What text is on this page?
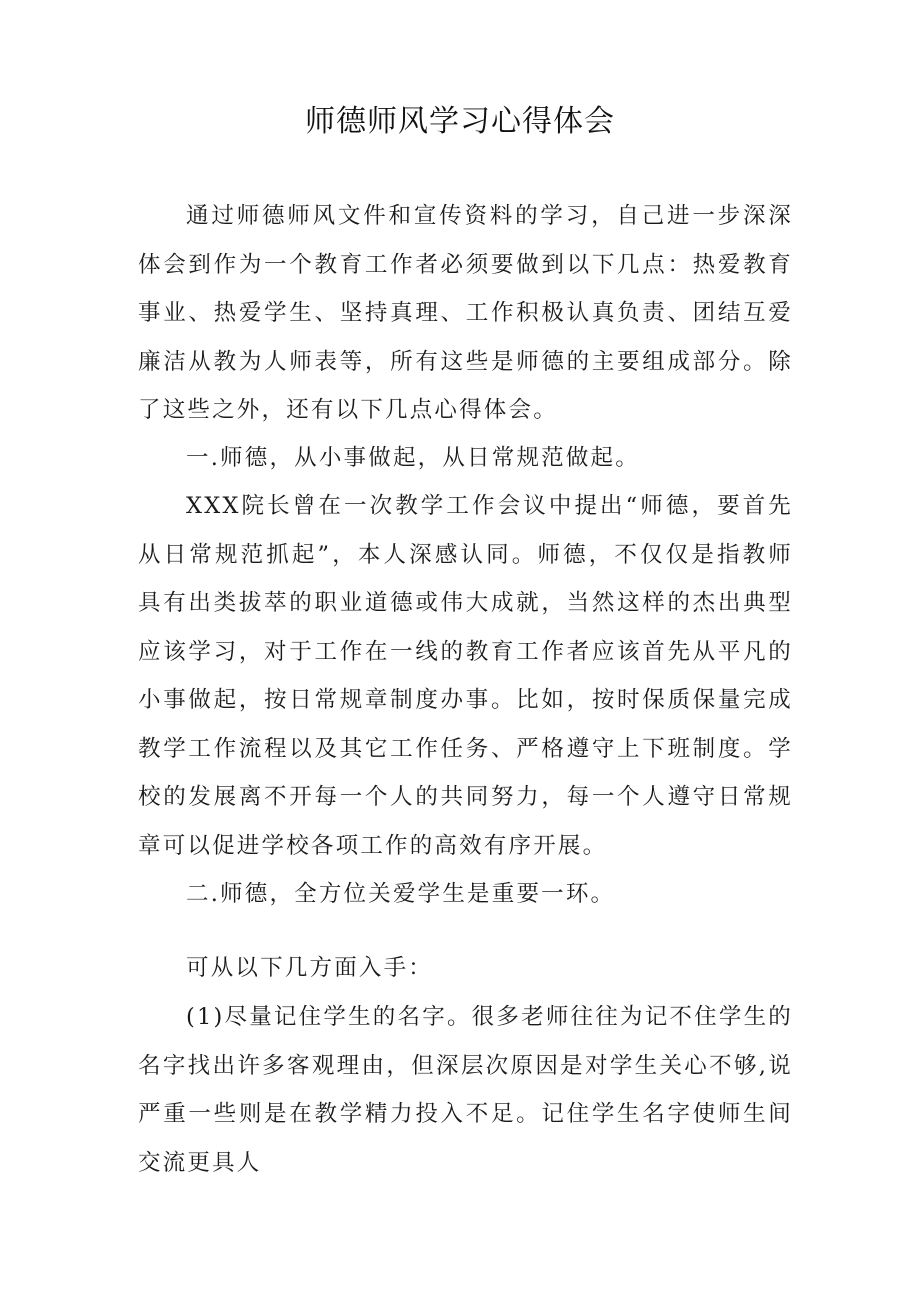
师德师风学习心得体会

通过师德师风文件和宣传资料的学习，自己进一步深深体会到作为一个教育工作者必须要做到以下几点：热爱教育事业、热爱学生、坚持真理、工作积极认真负责、团结互爱廉洁从教为人师表等，所有这些是师德的主要组成部分。除了这些之外，还有以下几点心得体会。

一.师德，从小事做起，从日常规范做起。

XXX院长曾在一次教学工作会议中提出“师德，要首先从日常规范抓起”，本人深感认同。师德，不仅仅是指教师具有出类拔萃的职业道德或伟大成就，当然这样的杰出典型应该学习，对于工作在一线的教育工作者应该首先从平凡的小事做起，按日常规章制度办事。比如，按时保质保量完成教学工作流程以及其它工作任务、严格遵守上下班制度。学校的发展离不开每一个人的共同努力，每一个人遵守日常规章可以促进学校各项工作的高效有序开展。

二.师德，全方位关爱学生是重要一环。

可从以下几方面入手：

(1)尽量记住学生的名字。很多老师往往为记不住学生的名字找出许多客观理由，但深层次原因是对学生关心不够,说严重一些则是在教学精力投入不足。记住学生名字使师生间交流更具人
